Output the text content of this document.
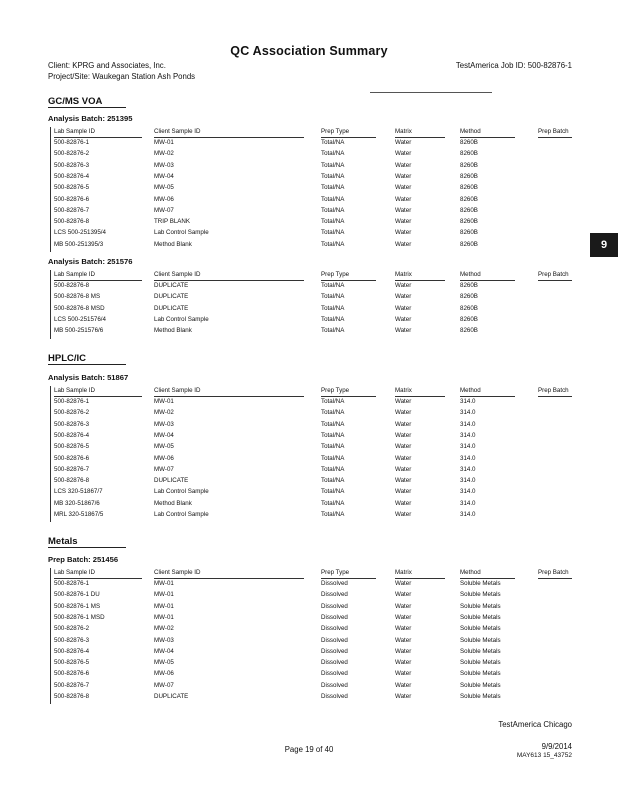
QC Association Summary
Client: KPRG and Associates, Inc.
Project/Site: Waukegan Station Ash Ponds
TestAmerica Job ID: 500-82876-1
9
GC/MS VOA
Analysis Batch: 251395
Lab Sample ID	Client Sample ID	Prep Type	Matrix	Method	Prep Batch
500-82876-1	MW-01	Total/NA	Water	8260B
500-82876-2	MW-02	Total/NA	Water	8260B
500-82876-3	MW-03	Total/NA	Water	8260B
500-82876-4	MW-04	Total/NA	Water	8260B
500-82876-5	MW-05	Total/NA	Water	8260B
500-82876-6	MW-06	Total/NA	Water	8260B
500-82876-7	MW-07	Total/NA	Water	8260B
500-82876-8	TRIP BLANK	Total/NA	Water	8260B
LCS 500-251395/4	Lab Control Sample	Total/NA	Water	8260B
MB 500-251395/3	Method Blank	Total/NA	Water	8260B
Analysis Batch: 251576
Lab Sample ID	Client Sample ID	Prep Type	Matrix	Method	Prep Batch
500-82876-8	DUPLICATE	Total/NA	Water	8260B
500-82876-8 MS	DUPLICATE	Total/NA	Water	8260B
500-82876-8 MSD	DUPLICATE	Total/NA	Water	8260B
LCS 500-251576/4	Lab Control Sample	Total/NA	Water	8260B
MB 500-251576/6	Method Blank	Total/NA	Water	8260B
HPLC/IC
Analysis Batch: 51867
Lab Sample ID	Client Sample ID	Prep Type	Matrix	Method	Prep Batch
500-82876-1	MW-01	Total/NA	Water	314.0
500-82876-2	MW-02	Total/NA	Water	314.0
500-82876-3	MW-03	Total/NA	Water	314.0
500-82876-4	MW-04	Total/NA	Water	314.0
500-82876-5	MW-05	Total/NA	Water	314.0
500-82876-6	MW-06	Total/NA	Water	314.0
500-82876-7	MW-07	Total/NA	Water	314.0
500-82876-8	DUPLICATE	Total/NA	Water	314.0
LCS 320-51867/7	Lab Control Sample	Total/NA	Water	314.0
MB 320-51867/6	Method Blank	Total/NA	Water	314.0
MRL 320-51867/5	Lab Control Sample	Total/NA	Water	314.0
Metals
Prep Batch: 251456
Lab Sample ID	Client Sample ID	Prep Type	Matrix	Method	Prep Batch
500-82876-1	MW-01	Dissolved	Water	Soluble Metals
500-82876-1 DU	MW-01	Dissolved	Water	Soluble Metals
500-82876-1 MS	MW-01	Dissolved	Water	Soluble Metals
500-82876-1 MSD	MW-01	Dissolved	Water	Soluble Metals
500-82876-2	MW-02	Dissolved	Water	Soluble Metals
500-82876-3	MW-03	Dissolved	Water	Soluble Metals
500-82876-4	MW-04	Dissolved	Water	Soluble Metals
500-82876-5	MW-05	Dissolved	Water	Soluble Metals
500-82876-6	MW-06	Dissolved	Water	Soluble Metals
500-82876-7	MW-07	Dissolved	Water	Soluble Metals
500-82876-8	DUPLICATE	Dissolved	Water	Soluble Metals
TestAmerica Chicago
Page 19 of 40	9/9/2014
MAY613 15_43752
